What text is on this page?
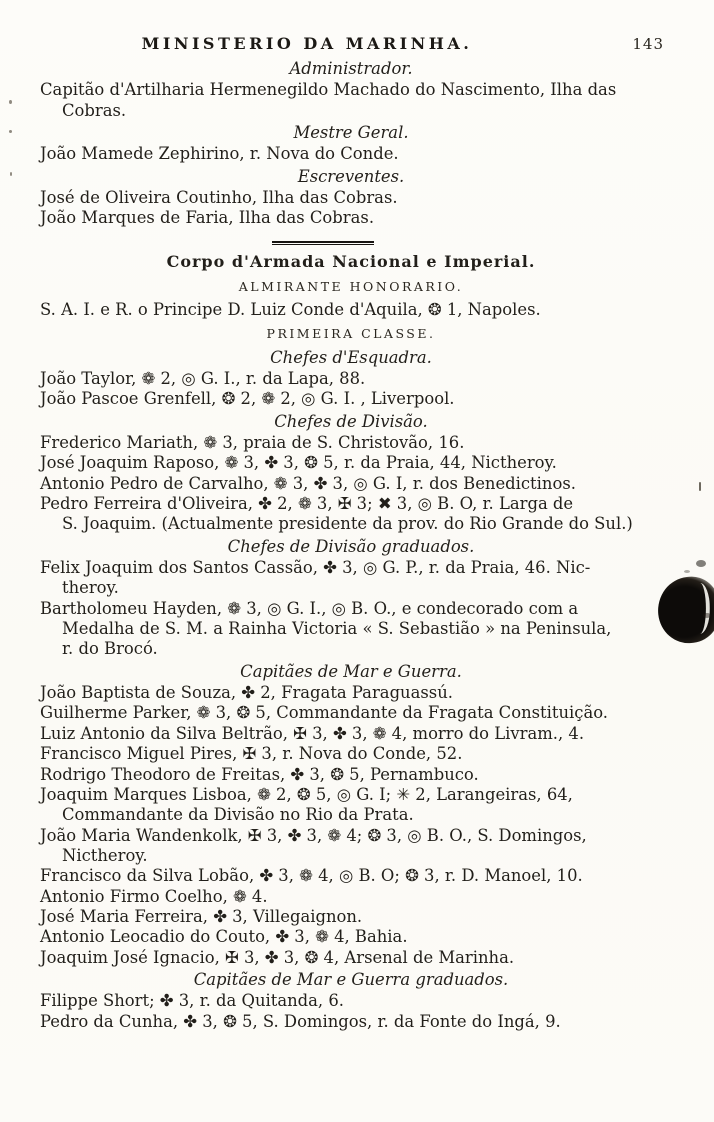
MINISTERIO DA MARINHA.	143
Administrador.
Capitão d'Artilharia Hermenegildo Machado do Nascimento, Ilha das
Cobras.
Mestre Geral.
João Mamede Zephirino, r. Nova do Conde.
Escreventes.
José de Oliveira Coutinho, Ilha das Cobras.
João Marques de Faria, Ilha das Cobras.
Corpo d'Armada Nacional e Imperial.
ALMIRANTE HONORARIO.
S. A. I. e R. o Principe D. Luiz Conde d'Aquila, ❂ 1, Napoles.
PRIMEIRA CLASSE.
Chefes d'Esquadra.
João Taylor, ❁ 2, ◎ G. I., r. da Lapa, 88.
João Pascoe Grenfell, ❂ 2, ❁ 2, ◎ G. I. , Liverpool.
Chefes de Divisão.
Frederico Mariath, ❁ 3, praia de S. Christovão, 16.
José Joaquim Raposo, ❁ 3, ✤ 3, ❂ 5, r. da Praia, 44, Nictheroy.
Antonio Pedro de Carvalho, ❁ 3, ✤ 3, ◎ G. I, r. dos Benedictinos.
Pedro Ferreira d'Oliveira, ✤ 2, ❁ 3, ✠ 3; ✖ 3, ◎ B. O, r. Larga de
S. Joaquim. (Actualmente presidente da prov. do Rio Grande do Sul.)
Chefes de Divisão graduados.
Felix Joaquim dos Santos Cassão, ✤ 3, ◎ G. P., r. da Praia, 46. Nic-
theroy.
Bartholomeu Hayden, ❁ 3, ◎ G. I., ◎ B. O., e condecorado com a
Medalha de S. M. a Rainha Victoria « S. Sebastião » na Peninsula,
r. do Brocó.
Capitães de Mar e Guerra.
João Baptista de Souza, ✤ 2, Fragata Paraguassú.
Guilherme Parker, ❁ 3, ❂ 5, Commandante da Fragata Constituição.
Luiz Antonio da Silva Beltrão, ✠ 3, ✤ 3, ❁ 4, morro do Livram., 4.
Francisco Miguel Pires, ✠ 3, r. Nova do Conde, 52.
Rodrigo Theodoro de Freitas, ✤ 3, ❂ 5, Pernambuco.
Joaquim Marques Lisboa, ❁ 2, ❂ 5, ◎ G. I; ✳ 2, Larangeiras, 64,
Commandante da Divisão no Rio da Prata.
João Maria Wandenkolk, ✠ 3, ✤ 3, ❁ 4; ❂ 3, ◎ B. O., S. Domingos,
Nictheroy.
Francisco da Silva Lobão, ✤ 3, ❁ 4, ◎ B. O; ❂ 3, r. D. Manoel, 10.
Antonio Firmo Coelho, ❁ 4.
José Maria Ferreira, ✤ 3, Villegaignon.
Antonio Leocadio do Couto, ✤ 3, ❁ 4, Bahia.
Joaquim José Ignacio, ✠ 3, ✤ 3, ❂ 4, Arsenal de Marinha.
Capitães de Mar e Guerra graduados.
Filippe Short; ✤ 3, r. da Quitanda, 6.
Pedro da Cunha, ✤ 3, ❂ 5, S. Domingos, r. da Fonte do Ingá, 9.
